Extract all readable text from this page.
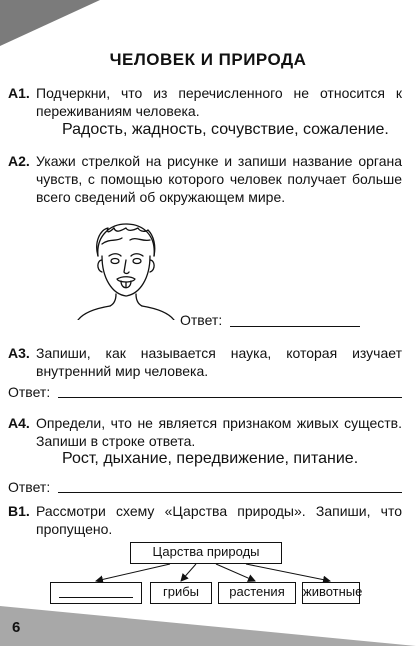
ЧЕЛОВЕК И ПРИРОДА
А1. Подчеркни, что из перечисленного не относится к переживаниям человека.
Радость, жадность, сочувствие, сожаление.
А2. Укажи стрелкой на рисунке и запиши название органа чувств, с помощью которого человек получает больше всего сведений об окружающем мире.
Ответ:
А3. Запиши, как называется наука, которая изучает внутренний мир человека.
Ответ:
А4. Определи, что не является признаком живых существ. Запиши в строке ответа.
Рост, дыхание, передвижение, питание.
Ответ:
В1. Рассмотри схему «Царства природы». Запиши, что пропущено.
Царства природы
грибы	растения	животные
6
